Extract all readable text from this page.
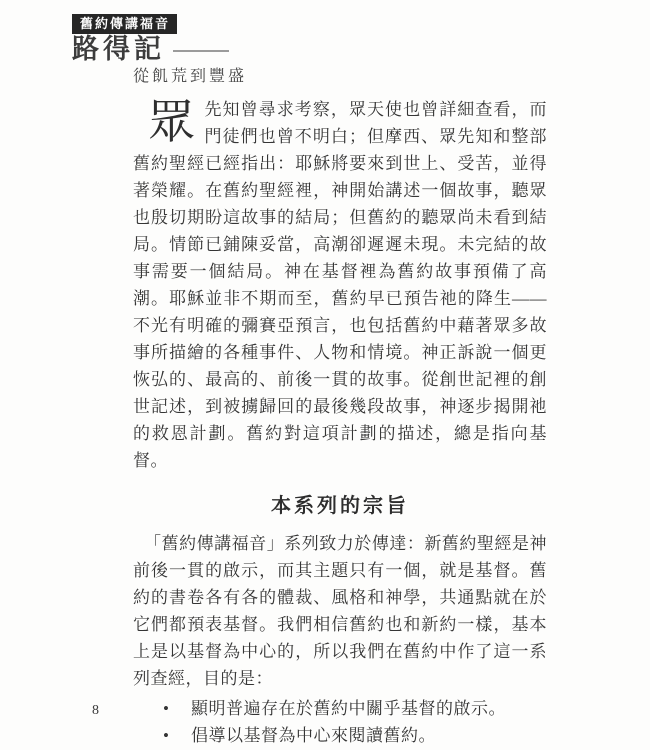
舊約傳講福音
路得記
從飢荒到豐盛

眾先知曾尋求考察，眾天使也曾詳細查看，而門徒們也曾不明白；但摩西、眾先知和整部舊約聖經已經指出：耶穌將要來到世上、受苦，並得著榮耀。在舊約聖經裡，神開始講述一個故事，聽眾也殷切期盼這故事的結局；但舊約的聽眾尚未看到結局。情節已鋪陳妥當，高潮卻遲遲未現。未完結的故事需要一個結局。神在基督裡為舊約故事預備了高潮。耶穌並非不期而至，舊約早已預告祂的降生——不光有明確的彌賽亞預言，也包括舊約中藉著眾多故事所描繪的各種事件、人物和情境。神正訴說一個更恢弘的、最高的、前後一貫的故事。從創世記裡的創世記述，到被擄歸回的最後幾段故事，神逐步揭開祂的救恩計劃。舊約對這項計劃的描述，總是指向基督。

本系列的宗旨

「舊約傳講福音」系列致力於傳達：新舊約聖經是神前後一貫的啟示，而其主題只有一個，就是基督。舊約的書卷各有各的體裁、風格和神學，共通點就在於它們都預表基督。我們相信舊約也和新約一樣，基本上是以基督為中心的，所以我們在舊約中作了這一系列查經，目的是：

•	顯明普遍存在於舊約中關乎基督的啟示。
•	倡導以基督為中心來閱讀舊約。
8
